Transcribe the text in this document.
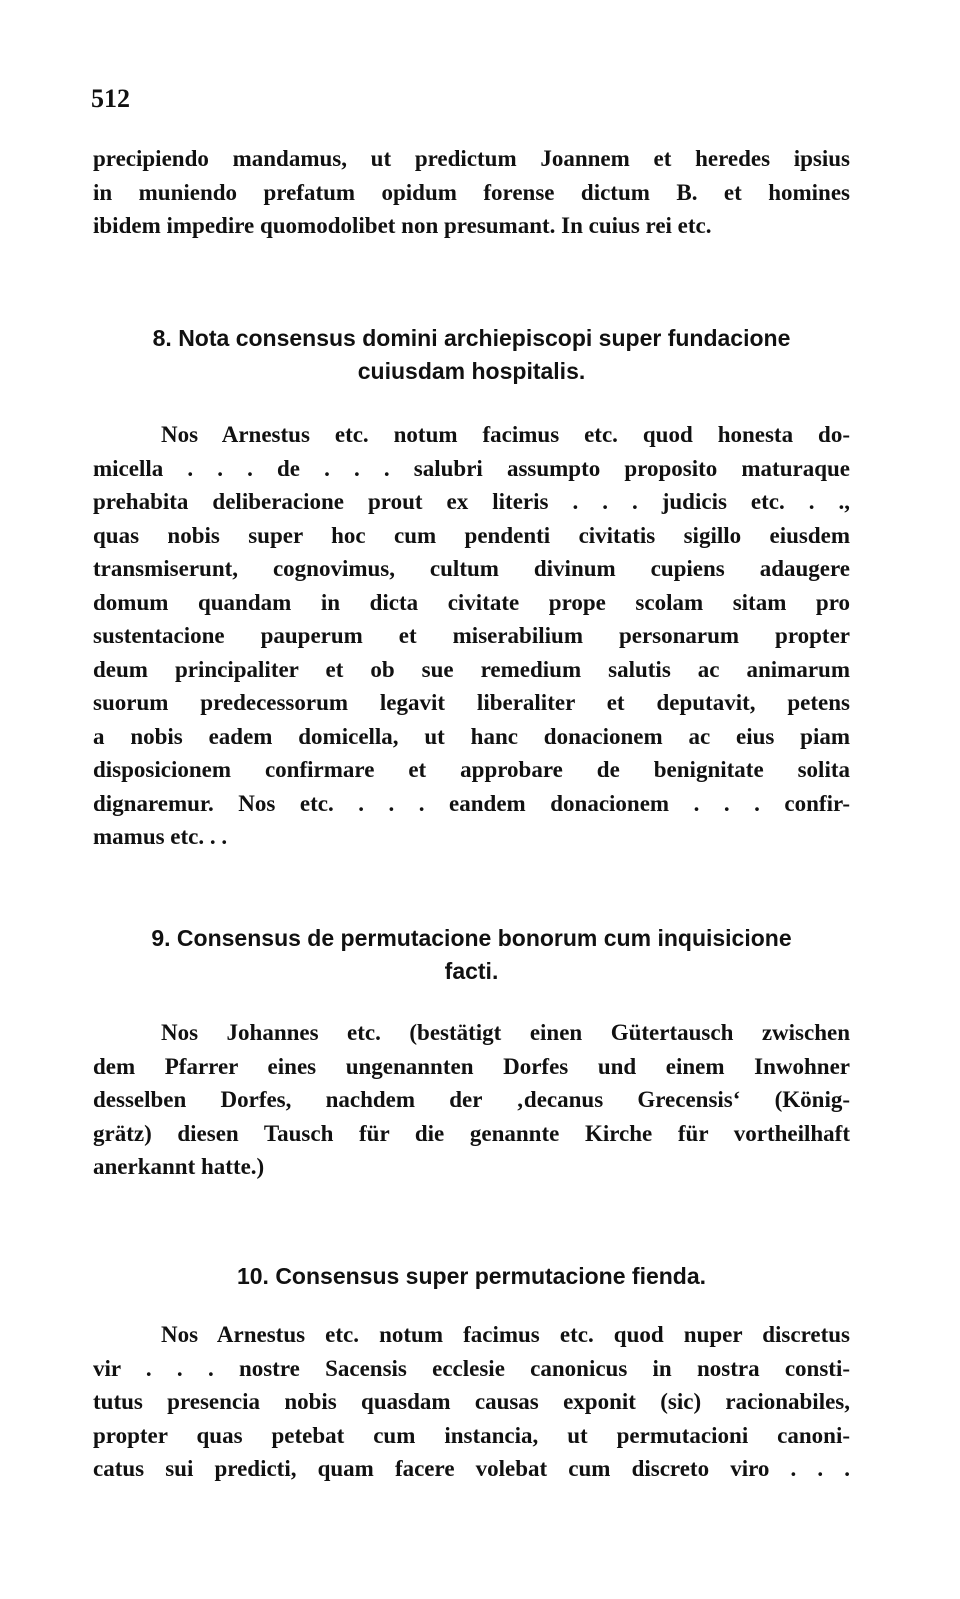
512
precipiendo mandamus, ut predictum Joannem et heredes ipsius
in muniendo prefatum opidum forense dictum B. et homines
ibidem impedire quomodolibet non presumant. In cuius rei etc.
8. Nota consensus domini archiepiscopi super fundacione
cuiusdam hospitalis.
Nos Arnestus etc. notum facimus etc. quod honesta do-
micella . . . de . . . salubri assumpto proposito maturaque
prehabita deliberacione prout ex literis . . . judicis etc. . .,
quas nobis super hoc cum pendenti civitatis sigillo eiusdem
transmiserunt, cognovimus, cultum divinum cupiens adaugere
domum quandam in dicta civitate prope scolam sitam pro
sustentacione pauperum et miserabilium personarum propter
deum principaliter et ob sue remedium salutis ac animarum
suorum predecessorum legavit liberaliter et deputavit, petens
a nobis eadem domicella, ut hanc donacionem ac eius piam
disposicionem confirmare et approbare de benignitate solita
dignaremur. Nos etc. . . . eandem donacionem . . . confir-
mamus etc. . .
9. Consensus de permutacione bonorum cum inquisicione
facti.
Nos Johannes etc. (bestätigt einen Gütertausch zwischen
dem Pfarrer eines ungenannten Dorfes und einem Inwohner
desselben Dorfes, nachdem der ‚decanus Grecensis‘ (König-
grätz) diesen Tausch für die genannte Kirche für vortheilhaft
anerkannt hatte.)
10. Consensus super permutacione fienda.
Nos Arnestus etc. notum facimus etc. quod nuper discretus
vir . . . nostre Sacensis ecclesie canonicus in nostra consti-
tutus presencia nobis quasdam causas exponit (sic) racionabiles,
propter quas petebat cum instancia, ut permutacioni canoni-
catus sui predicti, quam facere volebat cum discreto viro . . .
